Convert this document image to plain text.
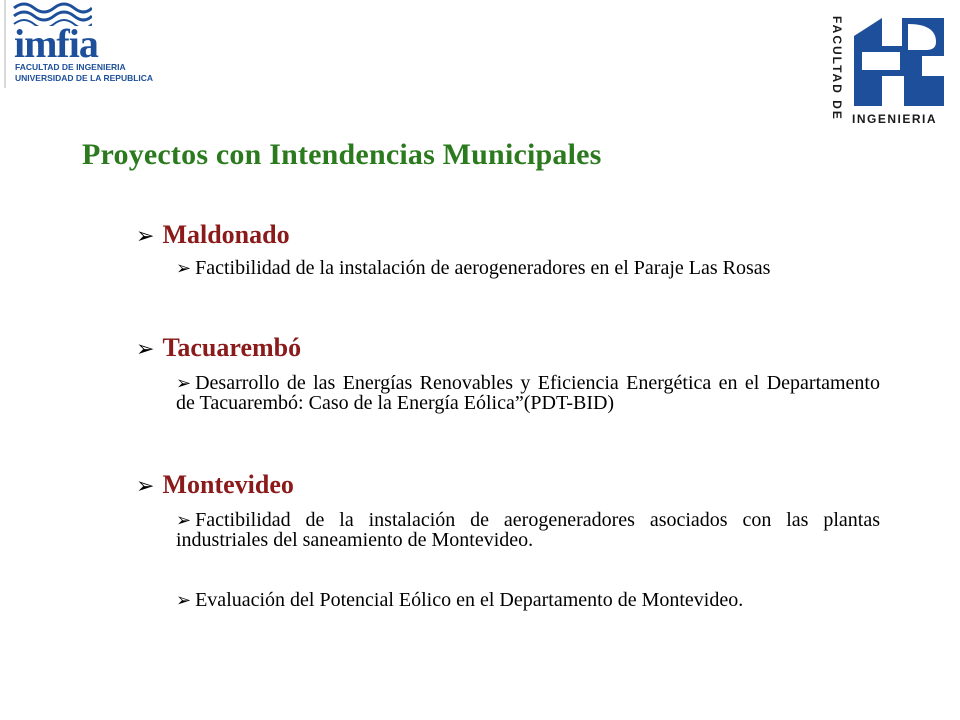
imfia
FACULTAD DE INGENIERIA
UNIVERSIDAD DE LA REPUBLICA	FACULTAD DE INGENIERIA
Proyectos con Intendencias Municipales

➢ Maldonado

➢ Factibilidad de la instalación de aerogeneradores en el Paraje Las Rosas

➢ Tacuarembó

➢ Desarrollo de las Energías Renovables y Eficiencia Energética en el Departamento de Tacuarembó: Caso de la Energía Eólica”(PDT-BID)

➢ Montevideo

➢ Factibilidad de la instalación de aerogeneradores asociados con las plantas industriales del saneamiento de Montevideo.

➢ Evaluación del Potencial Eólico en el Departamento de Montevideo.
